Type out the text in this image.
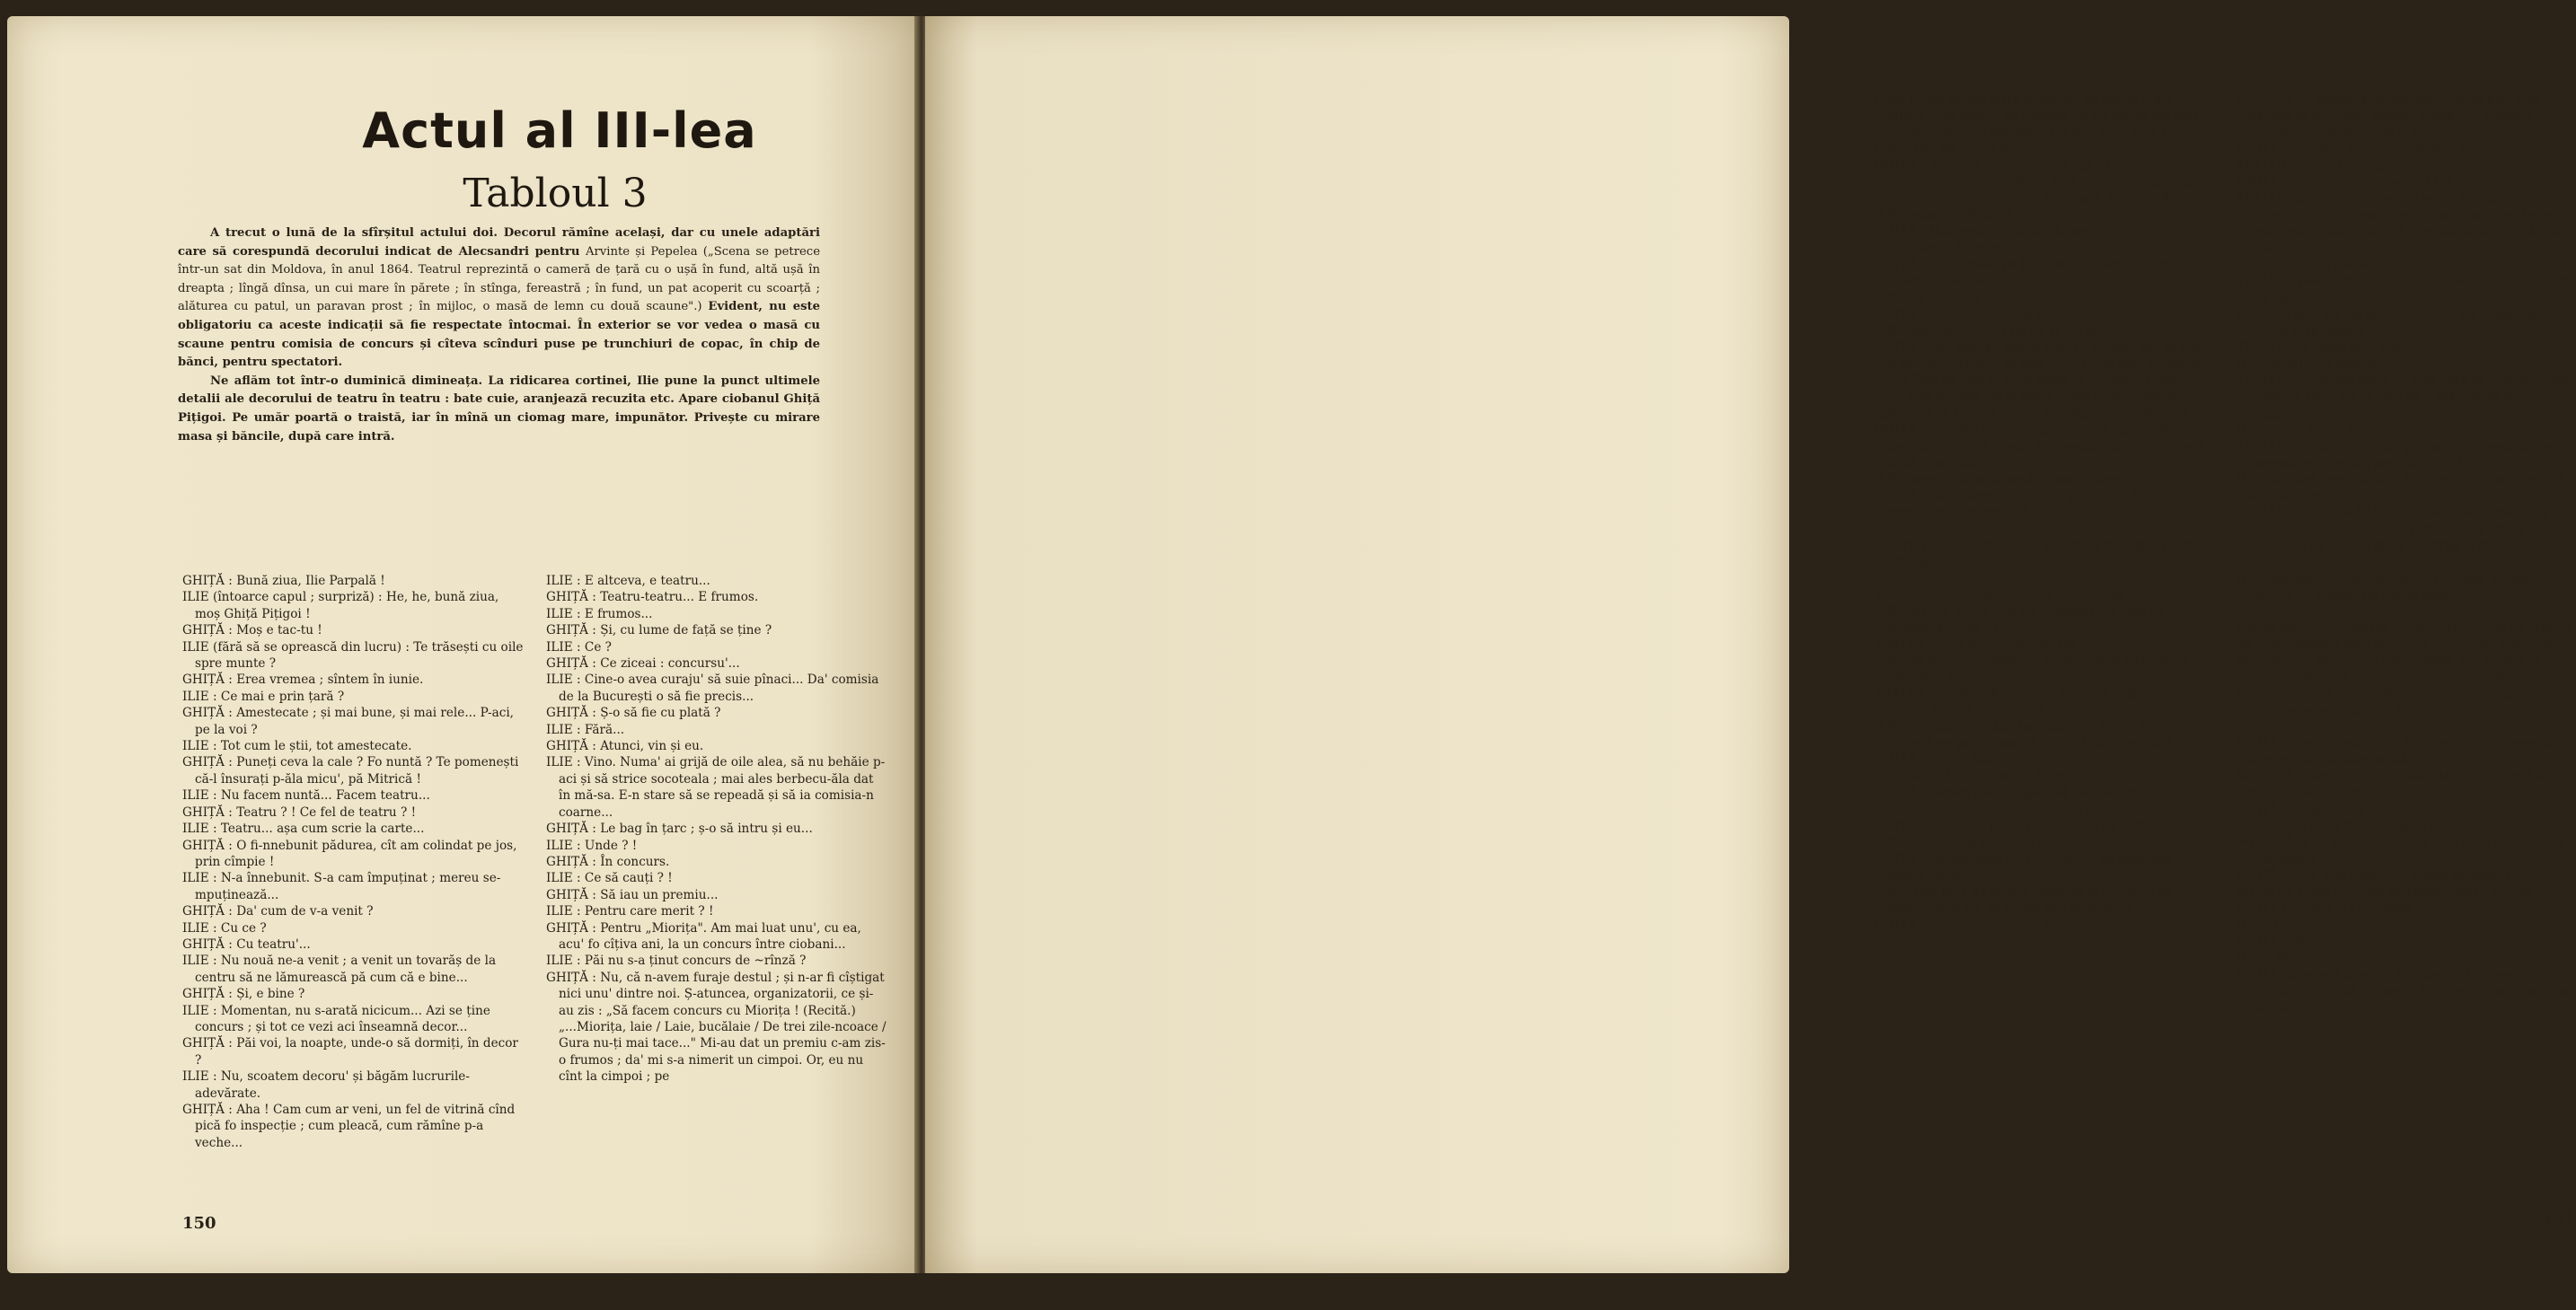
Actul al III-lea
Tabloul 3

A trecut o lună de la sfîrșitul actului doi. Decorul rămîne același, dar cu unele adaptări care să corespundă decorului indicat de Alecsandri pentru Arvinte și Pepelea („Scena se petrece într-un sat din Moldova, în anul 1864. Teatrul reprezintă o cameră de țară cu o ușă în fund, altă ușă în dreapta ; lîngă dînsa, un cui mare în părete ; în stînga, fereastră ; în fund, un pat acoperit cu scoarță ; alăturea cu patul, un paravan prost ; în mijloc, o masă de lemn cu două scaune".) Evident, nu este obligatoriu ca aceste indicații să fie respectate întocmai. În exterior se vor vedea o masă cu scaune pentru comisia de concurs și cîteva scînduri puse pe trunchiuri de copac, în chip de bănci, pentru spectatori.

Ne aflăm tot într-o duminică dimineața. La ridicarea cortinei, Ilie pune la punct ultimele detalii ale decorului de teatru în teatru : bate cuie, aranjează recuzita etc. Apare ciobanul Ghiță Pițigoi. Pe umăr poartă o traistă, iar în mînă un ciomag mare, impunător. Privește cu mirare masa și băncile, după care intră.

GHIȚĂ : Bună ziua, Ilie Parpală !
ILIE (întoarce capul ; surpriză) : He, he, bună ziua, moș Ghiță Pițigoi !
GHIȚĂ : Moș e tac-tu !
ILIE (fără să se oprească din lucru) : Te trăsești cu oile spre munte ?
GHIȚĂ : Erea vremea ; sîntem în iunie.
ILIE : Ce mai e prin țară ?
GHIȚĂ : Amestecate ; și mai bune, și mai rele... P-aci, pe la voi ?
ILIE : Tot cum le știi, tot amestecate.
GHIȚĂ : Puneți ceva la cale ? Fo nuntă ? Te pomenești că-l însurați p-ăla micu', pă Mitrică !
ILIE : Nu facem nuntă... Facem teatru...
GHIȚĂ : Teatru ? ! Ce fel de teatru ? !
ILIE : Teatru... așa cum scrie la carte...
GHIȚĂ : O fi-nnebunit pădurea, cît am colindat pe jos, prin cîmpie !
ILIE : N-a înnebunit. S-a cam împuținat ; mereu se-mpuținează...
GHIȚĂ : Da' cum de v-a venit ?
ILIE : Cu ce ?
GHIȚĂ : Cu teatru'...
ILIE : Nu nouă ne-a venit ; a venit un tovarăș de la centru să ne lămurească pă cum că e bine...
GHIȚĂ : Și, e bine ?
ILIE : Momentan, nu s-arată nicicum... Azi se ține concurs ; și tot ce vezi aci înseamnă decor...
GHIȚĂ : Păi voi, la noapte, unde-o să dormiți, în decor ?
ILIE : Nu, scoatem decoru' și băgăm lucrurile-adevărate.
GHIȚĂ : Aha ! Cam cum ar veni, un fel de vitrină cînd pică fo inspecție ; cum pleacă, cum rămîne p-a veche...
ILIE : E altceva, e teatru...
GHIȚĂ : Teatru-teatru... E frumos.
ILIE : E frumos...
GHIȚĂ : Și, cu lume de față se ține ?
ILIE : Ce ?
GHIȚĂ : Ce ziceai : concursu'...
ILIE : Cine-o avea curaju' să suie pînaci... Da' comisia de la București o să fie precis...
GHIȚĂ : Ș-o să fie cu plată ?
ILIE : Fără...
GHIȚĂ : Atunci, vin și eu.
ILIE : Vino. Numa' ai grijă de oile alea, să nu behăie p-aci și să strice socoteala ; mai ales berbecu-ăla dat în mă-sa. E-n stare să se repeadă și să ia comisia-n coarne...
GHIȚĂ : Le bag în țarc ; ș-o să intru și eu...
ILIE : Unde ? !
GHIȚĂ : În concurs.
ILIE : Ce să cauți ? !
GHIȚĂ : Să iau un premiu...
ILIE : Pentru care merit ? !
GHIȚĂ : Pentru „Miorița". Am mai luat unu', cu ea, acu' fo cîțiva ani, la un concurs între ciobani...
ILIE : Păi nu s-a ținut concurs de ~rînză ?
GHIȚĂ : Nu, că n-avem furaje destul ; și n-ar fi cîștigat nici unu' dintre noi. Ș-atuncea, organizatorii, ce și-au zis : „Să facem concurs cu Miorița ! (Recită.) „...Miorița, laie / Laie, bucălaie / De trei zile-ncoace / Gura nu-ți mai tace..." Mi-au dat un premiu c-am zis-o frumos ; da' mi s-a nimerit un cimpoi. Or, eu nu cînt la cimpoi ; pe
150
front mi-au rămas niște firimituri de schijă p-aci (arată spre piept), pe undeva ; d-aia zic să mă bag — poate-mi pică altceva... Ce zici, mi-o pica ?
ILIE : Păi, de un' să știu ? !
GHIȚĂ : Aia e, că n-ai de un' să știi... Cînd m-abăteam încoace, în poienița de su' Piatra Haiducului văzui trei inși ; doi oameni și-o fetișcană, frumușică-foc...
ILIE (aparte) : Mitrică...
GHIȚĂ : Mai erea un flăcău chipos...
ILIE (idem) : Dumitru...
GHIȚĂ : Și s-ațînea, pe lîngă ei, un bătrîior cam ghebos și jerpelit...
ILIE (ca mai sus) : Paraschiv...
GHIȚĂ : Săracii ! Cred că ereau orbi...
ILIE (speriat) : Orbi ! De ce să fie orbi ? !
GHIȚĂ : Păi, ședeau nas în nas, se holbau unii la alții, și flăcău' o-ntreba pe fată că : „Unde ești, Mândică ?" ! Fata se uita la el, și zicea că : „Cine-i acolo ?" ! ...Le-aș da, așa, de la mine, niște urdă, niște caș...
ILIE (mai să-l umfle rîsul) : Iar ghebosu' ce făcea ?
GHIȚĂ : Șușotea p-acolo, de parc-ar fi descîntat de deochi. (Cu milă.) Fata, bag seama că e și șchioapă, după una ș-alta...
ILIE (atent) : Asta de unde-o mai scosești ? !
GHIȚĂ : Păi, mergea șchiopiș ; păcat, că de frumușică, e frumușică...
(Apare Traian, care o duce pe Titina în brațe. Vinăt de efort, speriat, strigă.)
TRAIAN : Heei, oameni buni, veniți fuga !
ILIE (iese în prag) : Ce s-a-ntîmplat, pe cine ne-aduseși plocon ? !
TRAIAN : Nu-i plocon, e leșinată...
ILIE (se apropie, tresare) : Dumnezeule ! Titina ? ! Păți ceva ?
TRAIAN : Nu știu. Am găsit-o leșinată, puțin mai încolo, în mijlocul poienii.
ILIE (il ajută) : S-o băgăm înăuntru. (Amîndoi o duc și o așază pe pat, încearcă s-o facă să-și revină.)
GHIȚĂ : Cine e fata ?
ILIE : A lu' Mărin Gutuie. Titina...
GHIȚĂ : Taman p-aci își găsi să i se facă rău ? !
ILIE : E-n vorbă cu Mitric-al nostru...
GHIȚĂ : Mda... (Îi pune Titinei mîna pe pîntec.)
ILIE : Ce-o pipăi acolo, ca p-o oaie ? !
GHIȚĂ : Să văz dacă nu-i borțoasă ; pe borțoase le-apucă leșinu'...
ILIE : Mai bine dă fuga-n poieniță și cheam-o pe domnișoara aia de ziceai că-i frumușică...
GHIȚĂ : Da' ce, se pricepe ?
ILIE : Ca un profesor universitar. Da' să nu-i spui despre ce e vorba ; spune-i numa' c-o cheamă tovarășu' Sfințitu, de la județ...
GHIȚĂ : Și, cine-i tovarășu' Sfințitu ?
TRAIAN : Eu sînt ; du-te, moșule...
GHIȚĂ (aparte) : Moș e tac-tu ! Mă duc. (Iese.)
TRAIAN (desperare) : Tocmai acum trebuia să se întîmple, cînd nu mai este nici un ceas pînă începe concursul, cînd o s-apară comisia dintr-o clipă într-alta...
ILIE : Titina nu joacă...
TRAIAN : Joacă Mitrică. Și, cînd o vedea-o, nu cade și ăla leșinat ?
ILIE : La asta nu mă gîndii... Titină, ce pățiși, fetițo ? ! Din ce ți se trase ?
TRAIAN : Îi dădui eu o pastilă...
ILIE (sare) : Ce pastilă ? !
TRAIAN : Dintr-ale mele ; d-alea care te liniștesc cînd te-apucă bîțu' din te miri ce... Mă duc să iau bagajul.
ILIE : Care bagaj ?
TRAIAN : Lozinca, oglinda pe care-o spărsei, tașca-n care-adusei dresuri pentru Mitrică...
ILIE (arătînd spre Titina) : Mai degrabă am face rost d-un doctor...
TRAIAN : De unde ? ! Nu-ți vin ei, cînd îi chemi, la oraș, darămite aici ! O să-și revină ; la vîrsta ei, nu se moare cu una-cu două ; ai grijă și mai dă-i cîte-o palmă, cînd și cînd. (Iese.)
ILIE (pe gînduri, de unul singur) : Multe se mai rezolvă cu palma, pe lumea asta !...
(Pauză de lumină. Apare Ghiță, care-l trage pe Mitrică de mînă. Mitrică este îmbrăcat în chip de Mândica. În plus, poartă perucă cu cozi blonde, lungi pînă la brîu, ceea ce îl face de nerecunoscut, și pantofiori aurii în picioare, care-l strîng de-i ies ochii din cap, din care cauză merge șchiopătînd.)
GHIȚĂ (zelos, trăgîndu-l) : Mai repejor, mai repejor, dom'șoară, că te-așteaptă...
MITRICĂ (pentru sine) : Aoleu ! Moș Ghiță, ce ț-aș pocni una-n scăfîrlie...
GHIȚĂ (reflex) : Moș e tac-tu ! (Nedumerit : o fi auzit sau n-o fi auzit bine ?) Ziseși ceva ?
MITRICĂ (glas subțire de fată) : Nu zisei nimic ; cine m-așteaptă ?
GHIȚĂ : O să vezi singură... (Intră amîndoi.)
MITRICĂ (dînd cu ochii de Titina, țipă) : Titinăă !
GHIȚĂ (lui Ilie) : O cunoaște ?
ILIE : O cunoaște.
GHIȚĂ : Păi, vede ?
ILIE : Vede...
GHIȚĂ (tare nedumerit) : Credeam că nu vede... (Aluzie la Mitrică.) Glasu' ! Aci i se-ngroașă, aci i se subțiază !
151
